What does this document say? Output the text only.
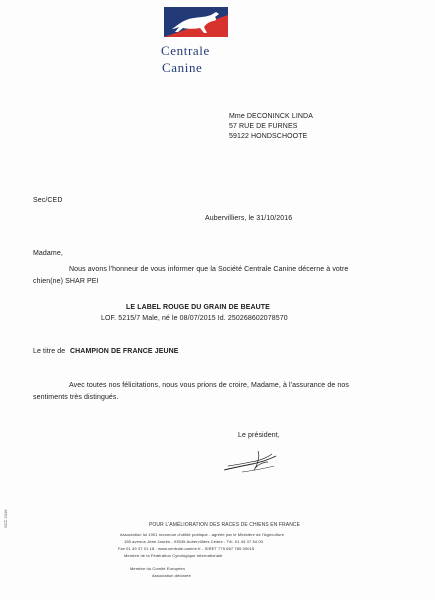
Centrale
Canine
Mme DECONINCK LINDA
57 RUE DE FURNES
59122 HONDSCHOOTE
Sec/CED
Aubervilliers, le 31/10/2016
Madame,
Nous avons l'honneur de vous informer que la Société Centrale Canine décerne à votre
chien(ne) SHAR PEI
LE LABEL ROUGE DU GRAIN DE BEAUTE
LOF. 5215/7 Male, né le 08/07/2015 Id. 250268602078570
Le titre de CHAMPION DE FRANCE JEUNE
Avec toutes nos félicitations, nous vous prions de croire, Madame, à l'assurance de nos
sentiments très distingués.
Le président,
POUR L'AMÉLIORATION DES RACES DE CHIENS EN FRANCE
Association loi 1901 reconnue d'utilité publique - agréée par le Ministère de l'Agriculture
155 avenue Jean Jaurès - 93535 Aubervilliers Cedex - Tél. 01 49 37 54 00
Fax 01 49 37 01 18 - www.centrale-canine.fr - SIRET 775 667 785 00015
Membre de la Fédération Cynologique Internationale
Membre du Comité Européen
Association déclarée
SCC 2016
